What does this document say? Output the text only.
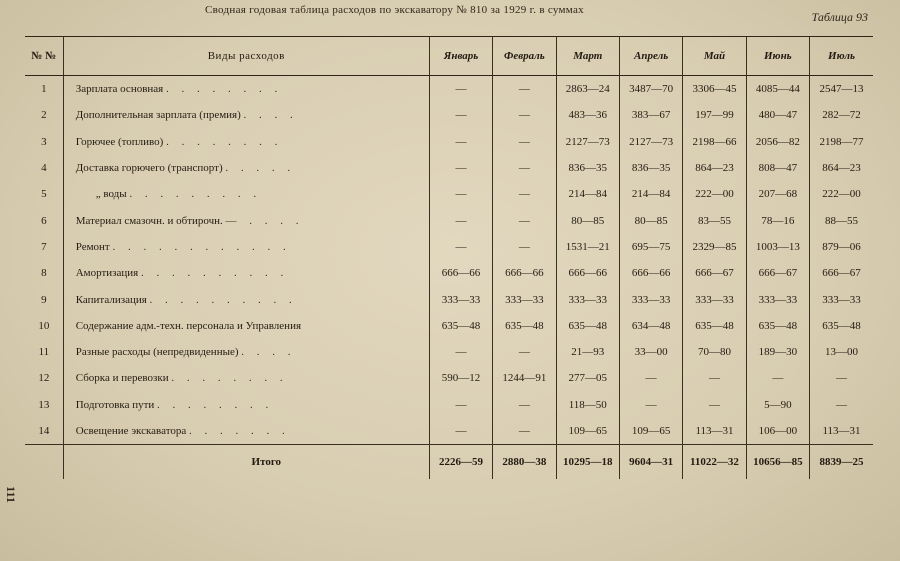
Сводная годовая таблица расходов по экскаватору № 810 за 1929 г. в суммах	Таблица 93
111
№ №	Виды расходов	Январь	Февраль	Март	Апрель	Май	Июнь	Июль
1	Зарплата основная . . . . . . . .	—	—	2863—24	3487—70	3306—45	4085—44	2547—13
2	Дополнительная зарплата (премия) . . . .	—	—	483—36	383—67	197—99	480—47	282—72
3	Горючее (топливо) . . . . . . . .	—	—	2127—73	2127—73	2198—66	2056—82	2198—77
4	Доставка горючего (транспорт) . . . . .	—	—	836—35	836—35	864—23	808—47	864—23
5	„ воды . . . . . . . . .	—	—	214—84	214—84	222—00	207—68	222—00
6	Материал смазочн. и обтирочн. — . . . .	—	—	80—85	80—85	83—55	78—16	88—55
7	Ремонт . . . . . . . . . . . .	—	—	1531—21	695—75	2329—85	1003—13	879—06
8	Амортизация . . . . . . . . . .	666—66	666—66	666—66	666—66	666—67	666—67	666—67
9	Капитализация . . . . . . . . . .	333—33	333—33	333—33	333—33	333—33	333—33	333—33
10	Содержание адм.-техн. персонала и Управления	635—48	635—48	635—48	634—48	635—48	635—48	635—48
11	Разные расходы (непредвиденные) . . . .	—	—	21—93	33—00	70—80	189—30	13—00
12	Сборка и перевозки . . . . . . . .	590—12	1244—91	277—05	—	—	—	—
13	Подготовка пути . . . . . . . .	—	—	118—50	—	—	5—90	—
14	Освещение экскаватора . . . . . . .	—	—	109—65	109—65	113—31	106—00	113—31
	Итого	2226—59	2880—38	10295—18	9604—31	11022—32	10656—85	8839—25
